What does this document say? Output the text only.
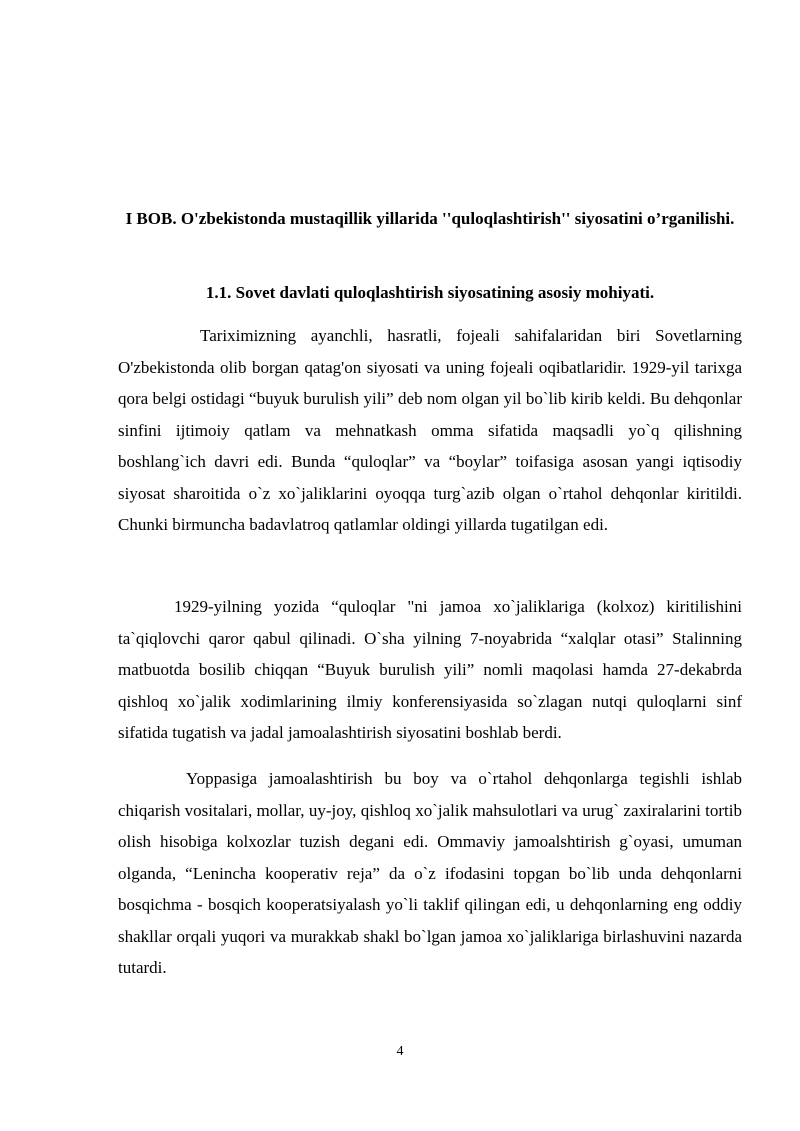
I BOB. O'zbekistonda mustaqillik yillarida ''quloqlashtirish'' siyosatini o’rganilishi.
1.1. Sovet davlati quloqlashtirish siyosatining asosiy mohiyati.

Tariximizning ayanchli, hasratli, fojeali sahifalaridan biri Sovetlarning O'zbekistonda olib borgan qatag'on siyosati va uning fojeali oqibatlaridir. 1929-yil tarixga qora belgi ostidagi “buyuk burulish yili” deb nom olgan yil bo`lib kirib keldi. Bu dehqonlar sinfini ijtimoiy qatlam va mehnatkash omma sifatida maqsadli yo`q qilishning boshlang`ich davri edi. Bunda “quloqlar” va “boylar” toifasiga asosan yangi iqtisodiy siyosat sharoitida o`z xo`jaliklarini oyoqqa turg`azib olgan o`rtahol dehqonlar kiritildi. Chunki birmuncha badavlatroq qatlamlar oldingi yillarda tugatilgan edi.

1929-yilning yozida “quloqlar "ni jamoa xo`jaliklariga (kolxoz) kiritilishini ta`qiqlovchi qaror qabul qilinadi. O`sha yilning 7-noyabrida “xalqlar otasi” Stalinning matbuotda bosilib chiqqan “Buyuk burulish yili” nomli maqolasi hamda 27-dekabrda qishloq xo`jalik xodimlarining ilmiy konferensiyasida so`zlagan nutqi quloqlarni sinf sifatida tugatish va jadal jamoalashtirish siyosatini boshlab berdi.

Yoppasiga jamoalashtirish bu boy va o`rtahol dehqonlarga tegishli ishlab chiqarish vositalari, mollar, uy-joy, qishloq xo`jalik mahsulotlari va urug` zaxiralarini tortib olish hisobiga kolxozlar tuzish degani edi. Ommaviy jamoalshtirish g`oyasi, umuman olganda, “Lenincha kooperativ reja” da o`z ifodasini topgan bo`lib unda dehqonlarni bosqichma - bosqich kooperatsiyalash yo`li taklif qilingan edi, u dehqonlarning eng oddiy shakllar orqali yuqori va murakkab shakl bo`lgan jamoa xo`jaliklariga birlashuvini nazarda tutardi.

4
